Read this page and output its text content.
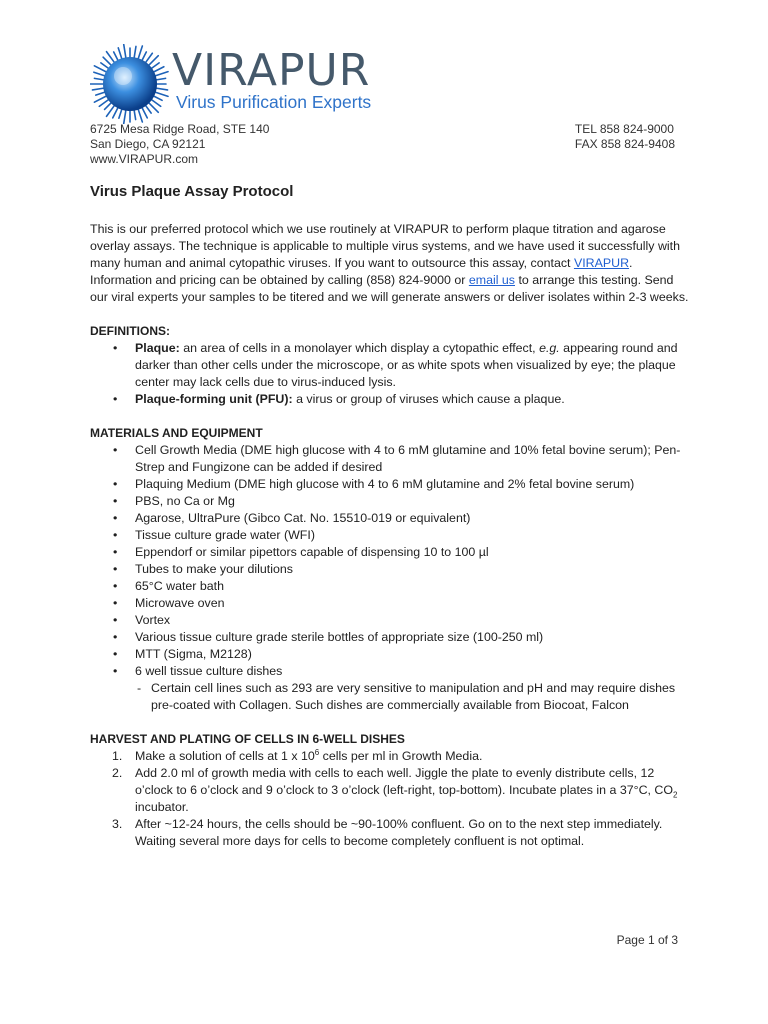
VIRAPUR
Virus Purification Experts
6725 Mesa Ridge Road, STE 140
San Diego, CA 92121
www.VIRAPUR.com
TEL 858 824-9000
FAX 858 824-9408
Virus Plaque Assay Protocol

This is our preferred protocol which we use routinely at VIRAPUR to perform plaque titration and agarose overlay assays. The technique is applicable to multiple virus systems, and we have used it successfully with many human and animal cytopathic viruses. If you want to outsource this assay, contact VIRAPUR. Information and pricing can be obtained by calling (858) 824-9000 or email us to arrange this testing. Send our viral experts your samples to be titered and we will generate answers or deliver isolates within 2-3 weeks.

DEFINITIONS:

• Plaque: an area of cells in a monolayer which display a cytopathic effect, e.g. appearing round and darker than other cells under the microscope, or as white spots when visualized by eye; the plaque center may lack cells due to virus-induced lysis.
• Plaque-forming unit (PFU): a virus or group of viruses which cause a plaque.

MATERIALS AND EQUIPMENT

• Cell Growth Media (DME high glucose with 4 to 6 mM glutamine and 10% fetal bovine serum); Pen-Strep and Fungizone can be added if desired
• Plaquing Medium (DME high glucose with 4 to 6 mM glutamine and 2% fetal bovine serum)
• PBS, no Ca or Mg
• Agarose, UltraPure (Gibco Cat. No. 15510-019 or equivalent)
• Tissue culture grade water (WFI)
• Eppendorf or similar pipettors capable of dispensing 10 to 100 µl
• Tubes to make your dilutions
• 65°C water bath
• Microwave oven
• Vortex
• Various tissue culture grade sterile bottles of appropriate size (100-250 ml)
• MTT (Sigma, M2128)
• 6 well tissue culture dishes
- Certain cell lines such as 293 are very sensitive to manipulation and pH and may require dishes pre-coated with Collagen. Such dishes are commercially available from Biocoat, Falcon

HARVEST AND PLATING OF CELLS IN 6-WELL DISHES

1. Make a solution of cells at 1 x $10^6$ cells per ml in Growth Media.
2. Add 2.0 ml of growth media with cells to each well. Jiggle the plate to evenly distribute cells, 12 o’clock to 6 o’clock and 9 o’clock to 3 o’clock (left-right, top-bottom). Incubate plates in a 37°C, $CO_2$ incubator.
3. After ~12-24 hours, the cells should be ~90-100% confluent. Go on to the next step immediately. Waiting several more days for cells to become completely confluent is not optimal.
Page 1 of 3
